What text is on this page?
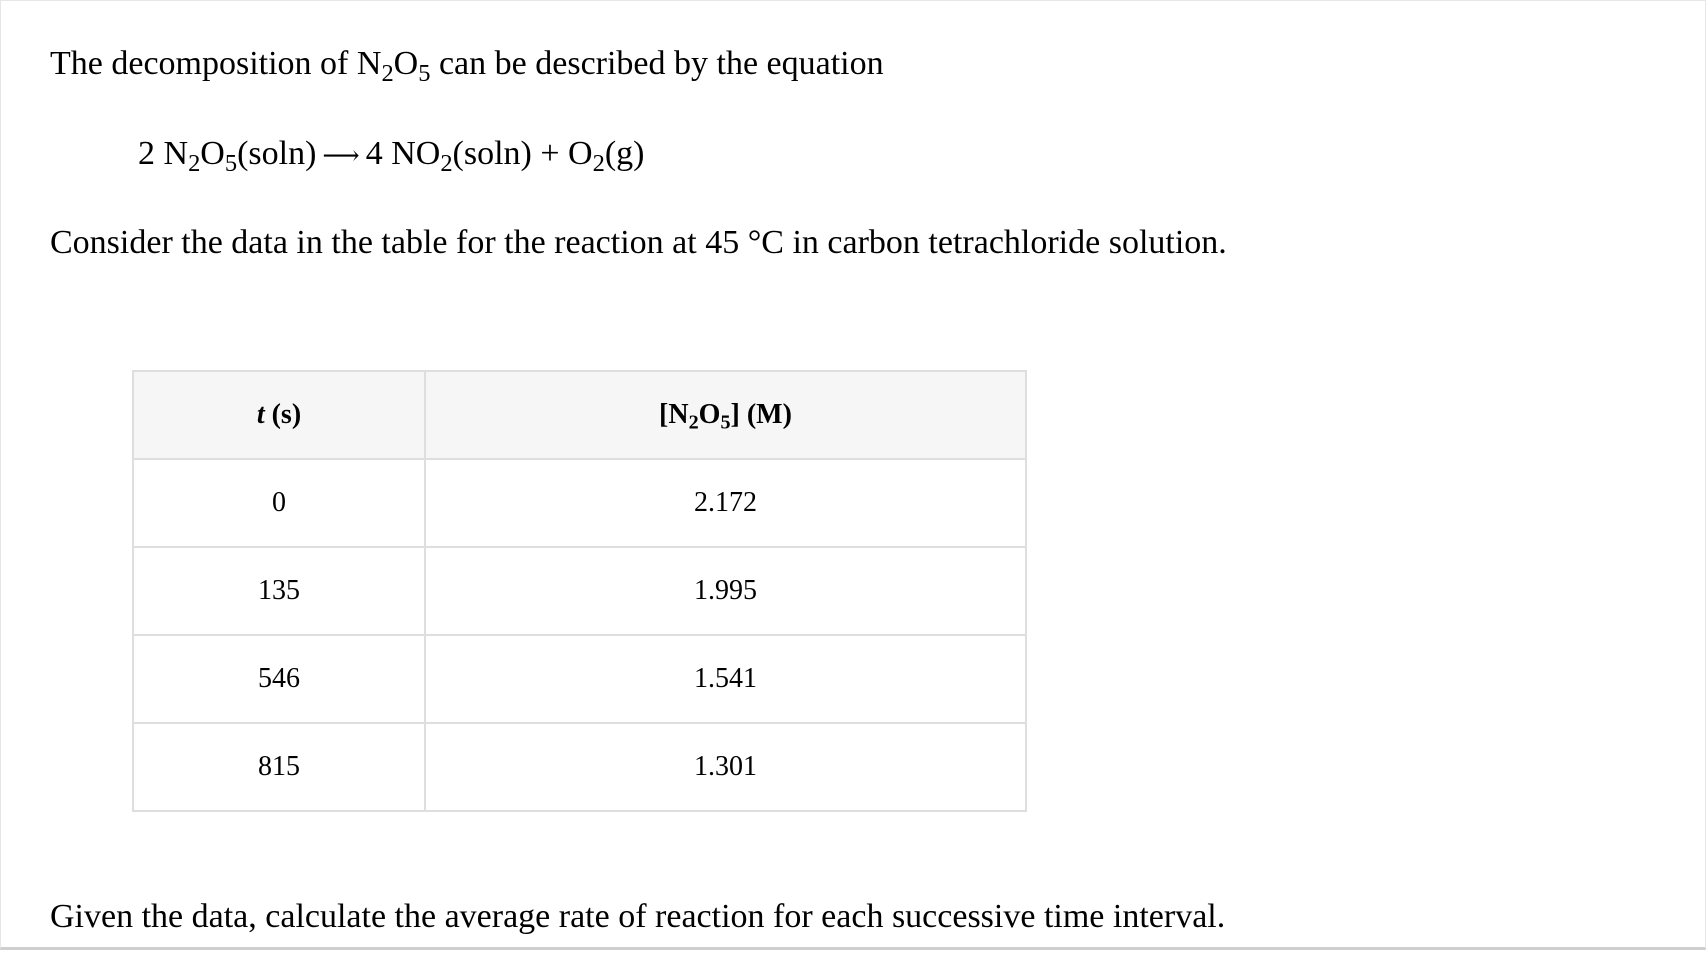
The decomposition of $N_2O_5$ can be described by the equation
2 $N_2O_5(soln)$ ⟶ 4 $NO_2(soln) + O_2(g)$
Consider the data in the table for the reaction at 45 °C in carbon tetrachloride solution.
t (s)	$[N_2O_5]$ (M)
0	2.172
135	1.995
546	1.541
815	1.301
Given the data, calculate the average rate of reaction for each successive time interval.
